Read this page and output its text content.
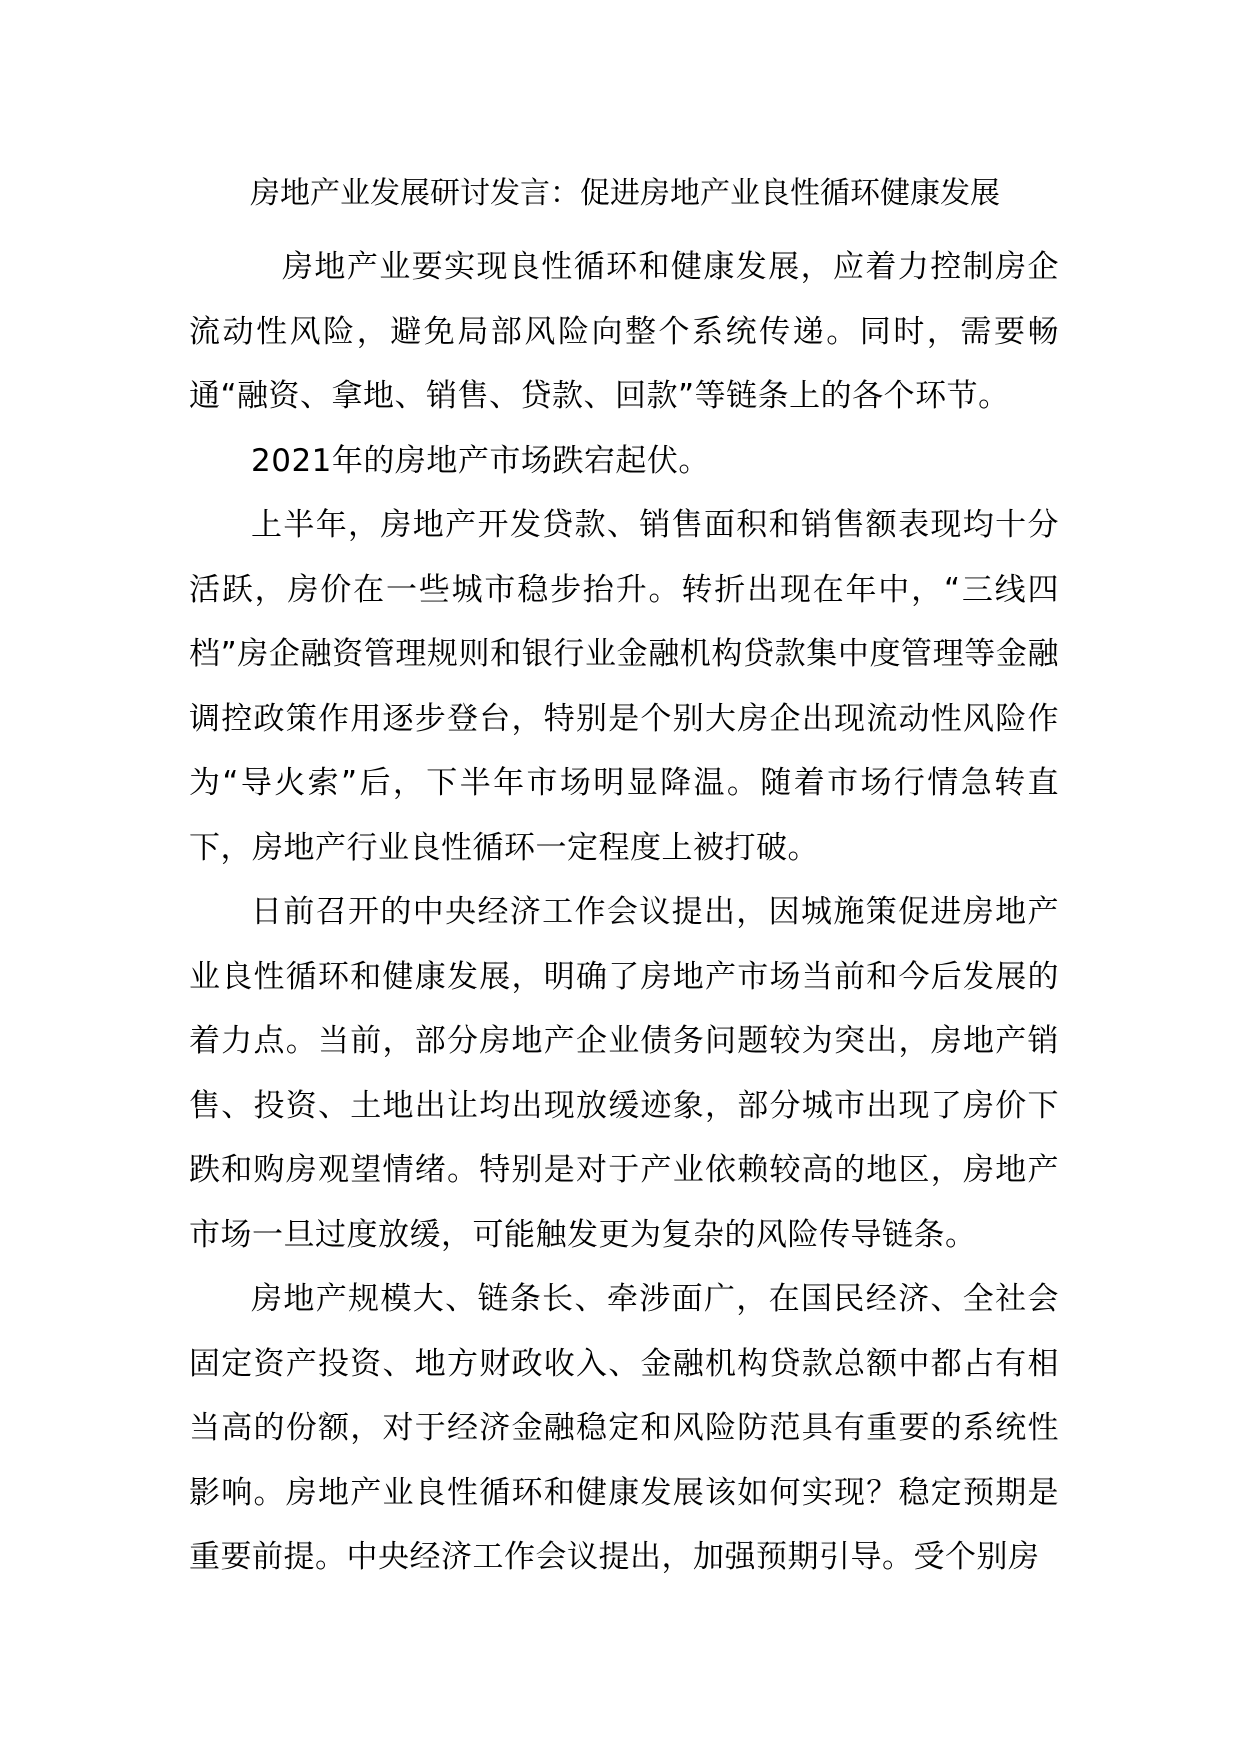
房地产业发展研讨发言：促进房地产业良性循环健康发展

房地产业要实现良性循环和健康发展，应着力控制房企流动性风险，避免局部风险向整个系统传递。同时，需要畅通“融资、拿地、销售、贷款、回款”等链条上的各个环节。

2021年的房地产市场跌宕起伏。

上半年，房地产开发贷款、销售面积和销售额表现均十分活跃，房价在一些城市稳步抬升。转折出现在年中，“三线四档”房企融资管理规则和银行业金融机构贷款集中度管理等金融调控政策作用逐步登台，特别是个别大房企出现流动性风险作为“导火索”后，下半年市场明显降温。随着市场行情急转直下，房地产行业良性循环一定程度上被打破。

日前召开的中央经济工作会议提出，因城施策促进房地产业良性循环和健康发展，明确了房地产市场当前和今后发展的着力点。当前，部分房地产企业债务问题较为突出，房地产销售、投资、土地出让均出现放缓迹象，部分城市出现了房价下跌和购房观望情绪。特别是对于产业依赖较高的地区，房地产市场一旦过度放缓，可能触发更为复杂的风险传导链条。

房地产规模大、链条长、牵涉面广，在国民经济、全社会固定资产投资、地方财政收入、金融机构贷款总额中都占有相当高的份额，对于经济金融稳定和风险防范具有重要的系统性影响。房地产业良性循环和健康发展该如何实现？稳定预期是重要前提。中央经济工作会议提出，加强预期引导。受个别房
